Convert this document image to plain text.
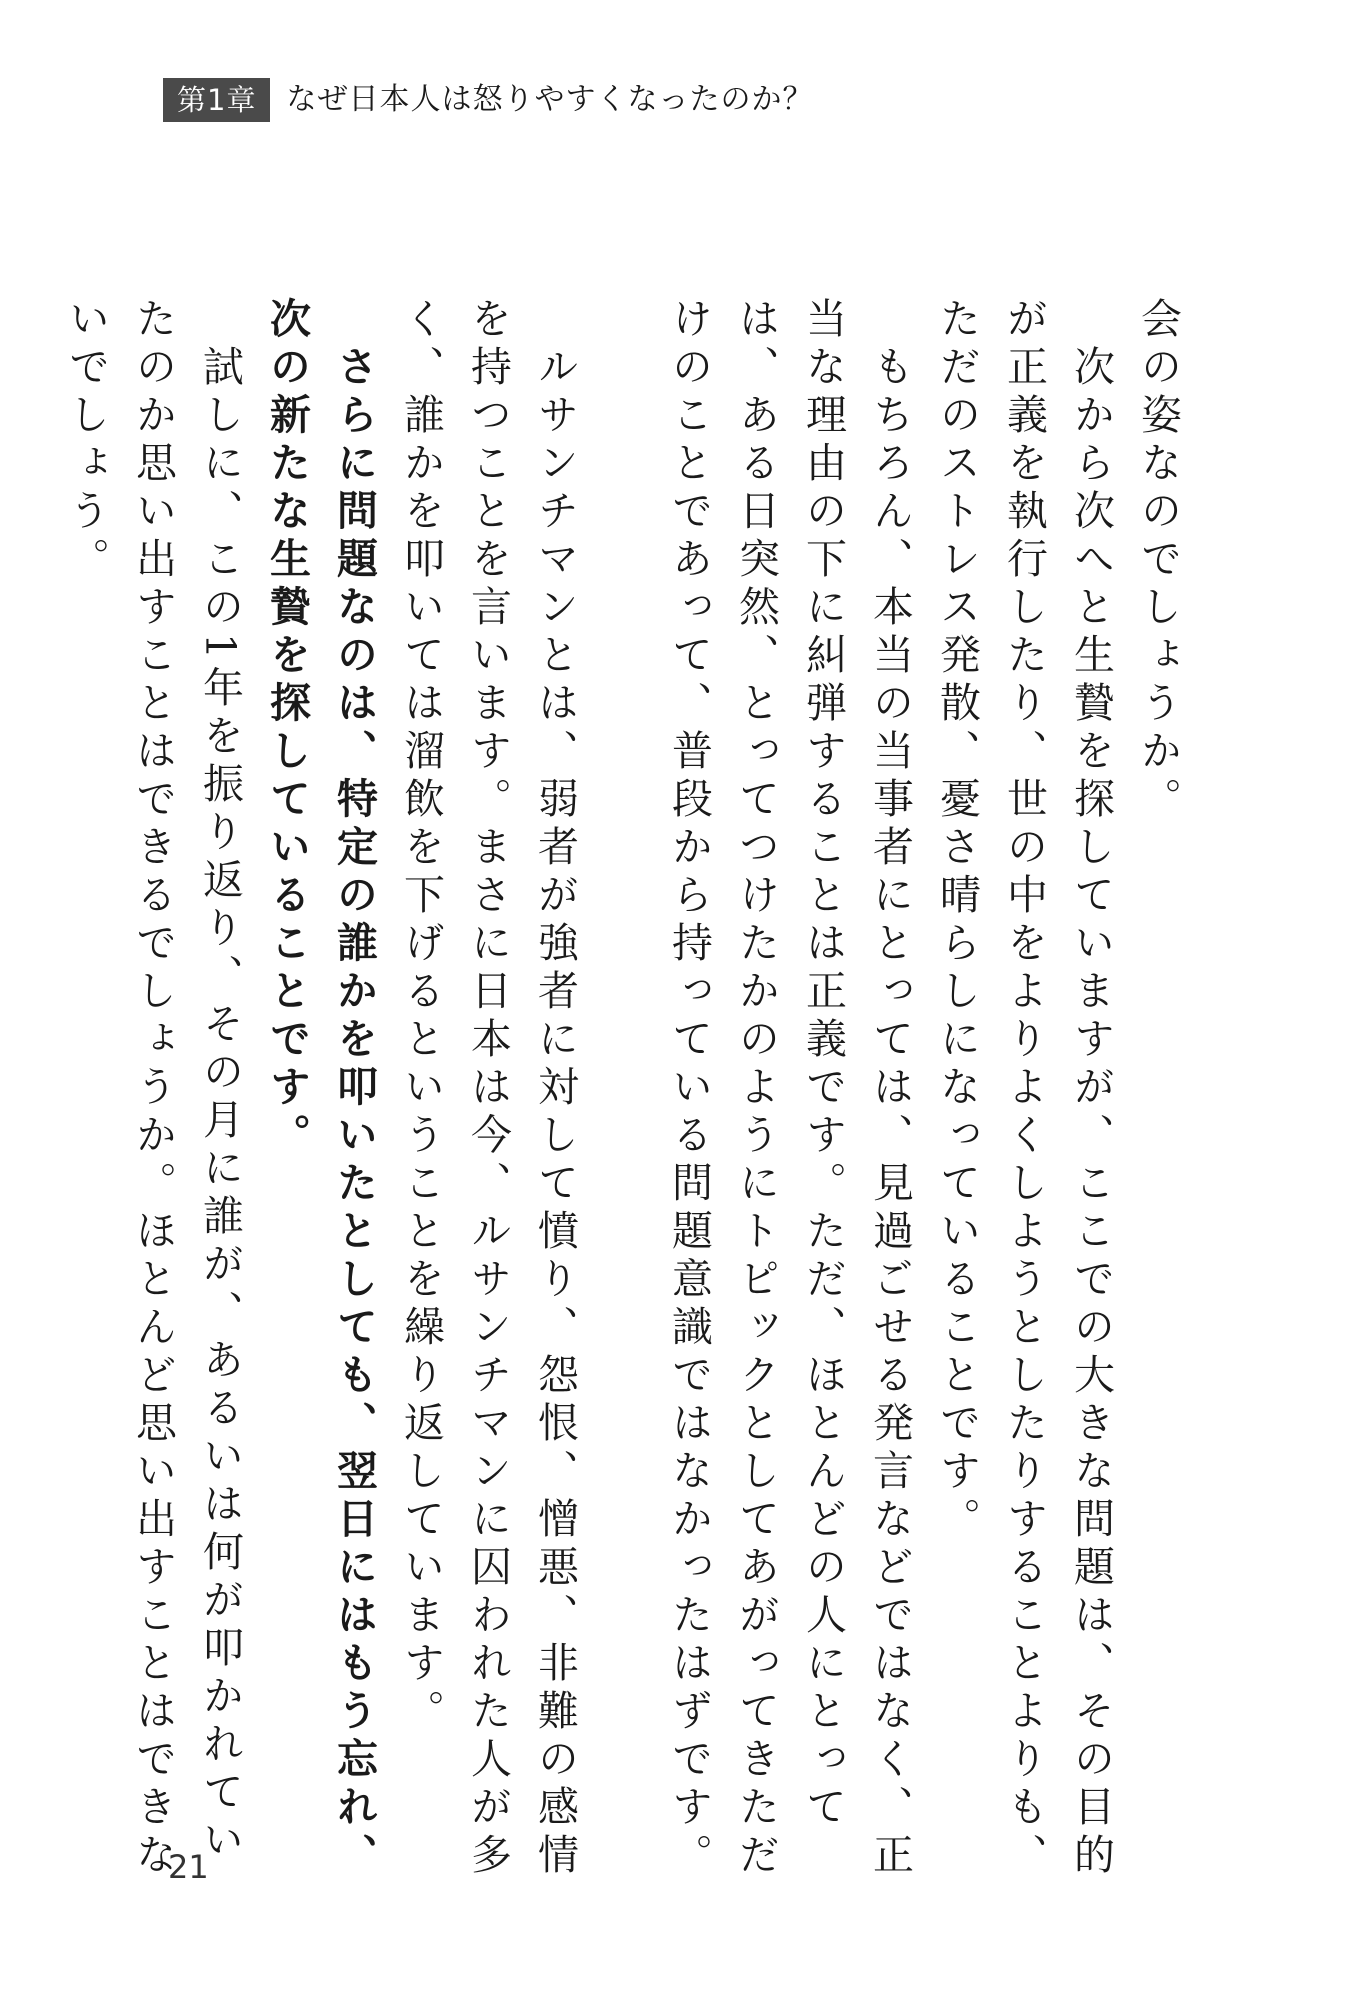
第1章	なぜ日本人は怒りやすくなったのか？

会の姿なのでしょうか。

　次から次へと生贄を探していますが、ここでの大きな問題は、その目的が正義を執行したり、世の中をよりよくしようとしたりすることよりも、ただのストレス発散、憂さ晴らしになっていることです。

　もちろん、本当の当事者にとっては、見過ごせる発言などではなく、正当な理由の下に糾弾することは正義です。ただ、ほとんどの人にとっては、ある日突然、とってつけたかのようにトピックとしてあがってきただけのことであって、普段から持っている問題意識ではなかったはずです。

　ルサンチマンとは、弱者が強者に対して憤り、怨恨、憎悪、非難の感情を持つことを言います。まさに日本は今、ルサンチマンに囚われた人が多く、誰かを叩いては溜飲を下げるということを繰り返しています。

　さらに問題なのは、特定の誰かを叩いたとしても、翌日にはもう忘れ、次の新たな生贄を探していることです。

　試しに、この1年を振り返り、その月に誰が、あるいは何が叩かれていたのか思い出すことはできるでしょうか。ほとんど思い出すことはできないでしょう。

21
